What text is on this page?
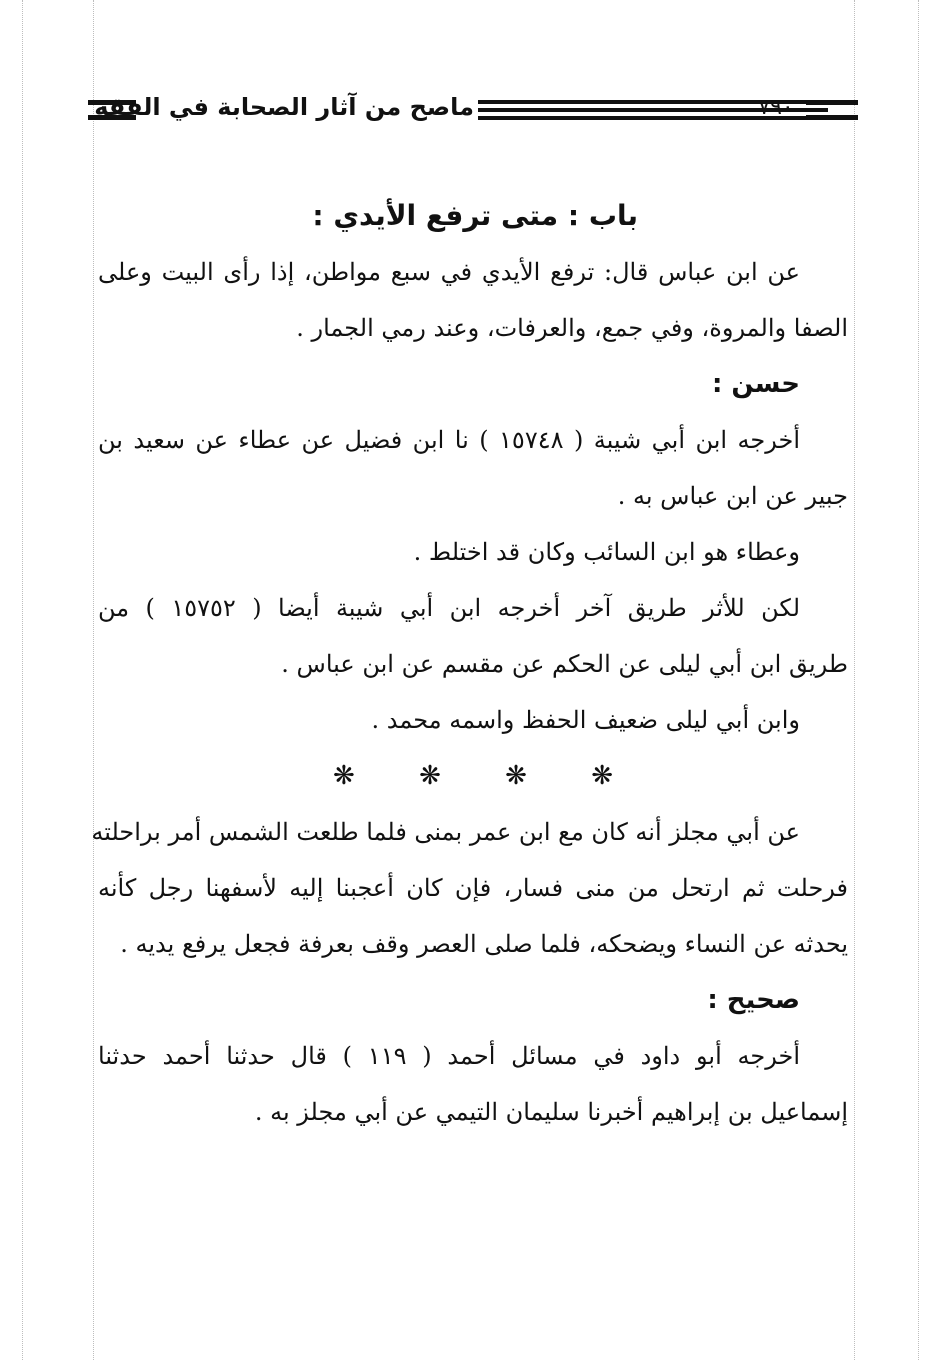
ماصح من آثار الصحابة في الفقه	٧٩٠
باب : متى ترفع الأيدي :
عن ابن عباس قال: ترفع الأيدي في سبع مواطن، إذا رأى البيت وعلى
الصفا والمروة، وفي جمع، والعرفات، وعند رمي الجمار .
حسن :
أخرجه ابن أبي شيبة ( ١٥٧٤٨ ) نا ابن فضيل عن عطاء عن سعيد بن
جبير عن ابن عباس به .
وعطاء هو ابن السائب وكان قد اختلط .
لكن للأثر طريق آخر أخرجه ابن أبي شيبة أيضا ( ١٥٧٥٢ ) من
طريق ابن أبي ليلى عن الحكم عن مقسم عن ابن عباس .
وابن أبي ليلى ضعيف الحفظ واسمه محمد .
❋ ❋ ❋ ❋
عن أبي مجلز أنه كان مع ابن عمر بمنى فلما طلعت الشمس أمر براحلته
فرحلت ثم ارتحل من منى فسار، فإن كان أعجبنا إليه لأسفهنا رجل كأنه
يحدثه عن النساء ويضحكه، فلما صلى العصر وقف بعرفة فجعل يرفع يديه .
صحيح :
أخرجه أبو داود في مسائل أحمد ( ١١٩ ) قال حدثنا أحمد حدثنا
إسماعيل بن إبراهيم أخبرنا سليمان التيمي عن أبي مجلز به .
